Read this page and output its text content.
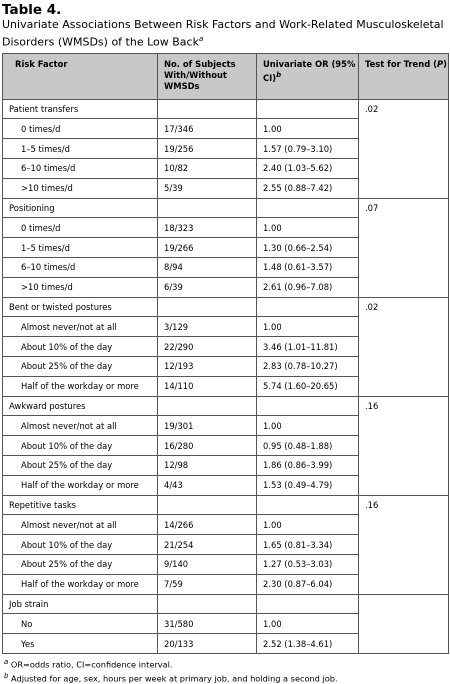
Table 4.
Univariate Associations Between Risk Factors and Work-Related Musculoskeletal Disorders (WMSDs) of the Low Back$^a$
Risk Factor	No. of Subjects With/Without WMSDs	Univariate OR (95% CI)$^b$	Test for Trend (P)
Patient transfers			.02
0 times/d	17/346	1.00	
1–5 times/d	19/256	1.57 (0.79–3.10)	
6–10 times/d	10/82	2.40 (1.03–5.62)	
>10 times/d	5/39	2.55 (0.88–7.42)	
Positioning			.07
0 times/d	18/323	1.00	
1–5 times/d	19/266	1.30 (0.66–2.54)	
6–10 times/d	8/94	1.48 (0.61–3.57)	
>10 times/d	6/39	2.61 (0.96–7.08)	
Bent or twisted postures			.02
Almost never/not at all	3/129	1.00	
About 10% of the day	22/290	3.46 (1.01–11.81)	
About 25% of the day	12/193	2.83 (0.78–10.27)	
Half of the workday or more	14/110	5.74 (1.60–20.65)	
Awkward postures			.16
Almost never/not at all	19/301	1.00	
About 10% of the day	16/280	0.95 (0.48–1.88)	
About 25% of the day	12/98	1.86 (0.86–3.99)	
Half of the workday or more	4/43	1.53 (0.49–4.79)	
Repetitive tasks			.16
Almost never/not at all	14/266	1.00	
About 10% of the day	21/254	1.65 (0.81–3.34)	
About 25% of the day	9/140	1.27 (0.53–3.03)	
Half of the workday or more	7/59	2.30 (0.87–6.04)	
Job strain			
No	31/580	1.00	
Yes	20/133	2.52 (1.38–4.61)	
$^a$ OR=odds ratio, CI=confidence interval.
$^b$ Adjusted for age, sex, hours per week at primary job, and holding a second job.
